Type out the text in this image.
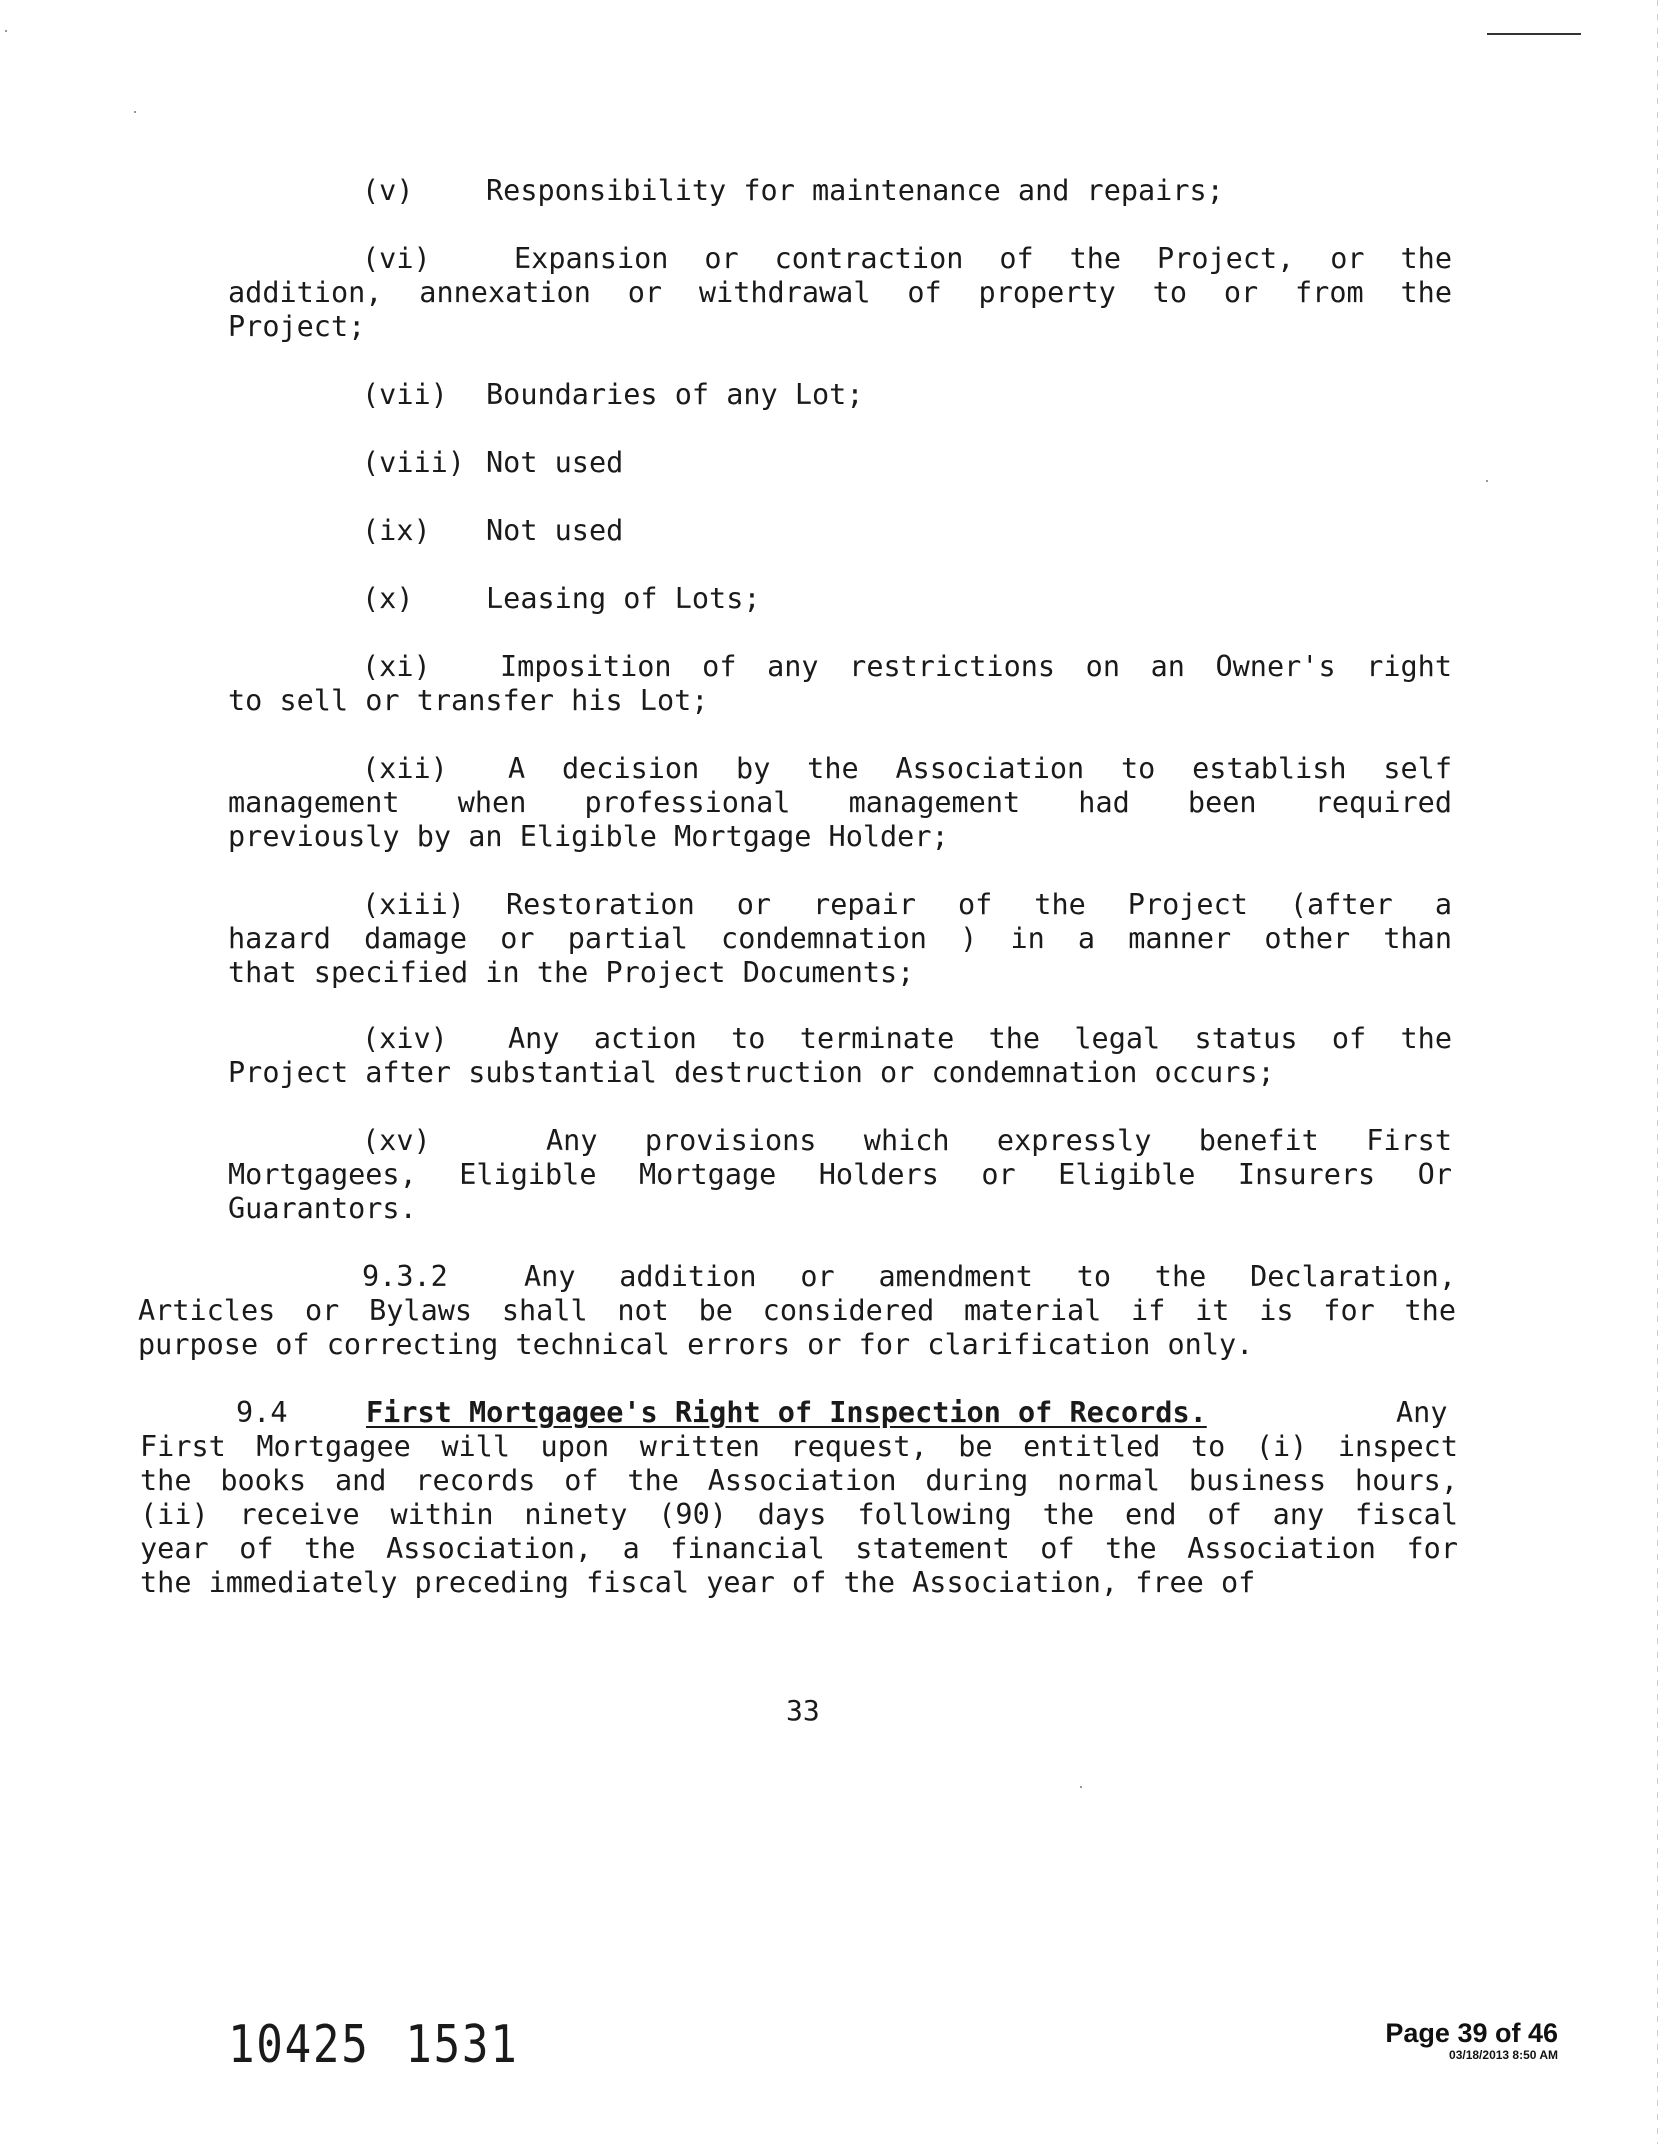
(v)	Responsibility for maintenance and repairs;
(vi)	Expansion or contraction of the Project, or the
addition, annexation or withdrawal of property to or from the
Project;
(vii) Boundaries of any Lot;
(viii) Not used
(ix) Not used
(x)	Leasing of Lots;
(xi) Imposition of any restrictions on an Owner's right
to sell or transfer his Lot;
(xii) A decision by the Association to establish self
management when professional management had been required
previously by an Eligible Mortgage Holder;
(xiii) Restoration or repair of the Project (after a
hazard damage or partial condemnation ) in a manner other than
that specified in the Project Documents;
(xiv) Any action to terminate the legal status of the
Project after substantial destruction or condemnation occurs;
(xv)	Any provisions which expressly benefit First
Mortgagees, Eligible Mortgage Holders or Eligible Insurers Or
Guarantors.
9.3.2	Any addition or amendment to the Declaration,
Articles or Bylaws shall not be considered material if it is for the
purpose of correcting technical errors or for clarification only.
9.4	First Mortgagee's Right of Inspection of Records.	Any
First Mortgagee will upon written request, be entitled to (i) inspect
the books and records of the Association during normal business hours,
(ii) receive within ninety (90) days following the end of any fiscal
year of the Association, a financial statement of the Association for
the immediately preceding fiscal year of the Association, free of
33
10425 1531	Page 39 of 46
03/18/2013 8:50 AM
